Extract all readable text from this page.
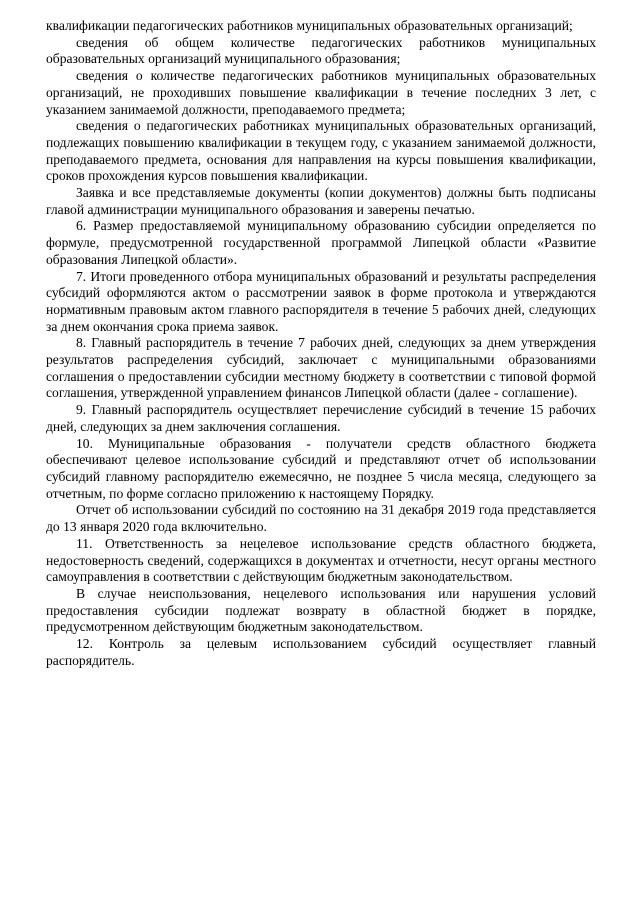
квалификации педагогических работников муниципальных образовательных организаций;

сведения об общем количестве педагогических работников муниципальных образовательных организаций муниципального образования;

сведения о количестве педагогических работников муниципальных образовательных организаций, не проходивших повышение квалификации в течение последних 3 лет, с указанием занимаемой должности, преподаваемого предмета;

сведения о педагогических работниках муниципальных образовательных организаций, подлежащих повышению квалификации в текущем году, с указанием занимаемой должности, преподаваемого предмета, основания для направления на курсы повышения квалификации, сроков прохождения курсов повышения квалификации.

Заявка и все представляемые документы (копии документов) должны быть подписаны главой администрации муниципального образования и заверены печатью.

6. Размер предоставляемой муниципальному образованию субсидии определяется по формуле, предусмотренной государственной программой Липецкой области «Развитие образования Липецкой области».

7. Итоги проведенного отбора муниципальных образований и результаты распределения субсидий оформляются актом о рассмотрении заявок в форме протокола и утверждаются нормативным правовым актом главного распорядителя в течение 5 рабочих дней, следующих за днем окончания срока приема заявок.

8. Главный распорядитель в течение 7 рабочих дней, следующих за днем утверждения результатов распределения субсидий, заключает с муниципальными образованиями соглашения о предоставлении субсидии местному бюджету в соответствии с типовой формой соглашения, утвержденной управлением финансов Липецкой области (далее - соглашение).

9. Главный распорядитель осуществляет перечисление субсидий в течение 15 рабочих дней, следующих за днем заключения соглашения.

10. Муниципальные образования - получатели средств областного бюджета обеспечивают целевое использование субсидий и представляют отчет об использовании субсидий главному распорядителю ежемесячно, не позднее 5 числа месяца, следующего за отчетным, по форме согласно приложению к настоящему Порядку.

Отчет об использовании субсидий по состоянию на 31 декабря 2019 года представляется до 13 января 2020 года включительно.

11. Ответственность за нецелевое использование средств областного бюджета, недостоверность сведений, содержащихся в документах и отчетности, несут органы местного самоуправления в соответствии с действующим бюджетным законодательством.

В случае неиспользования, нецелевого использования или нарушения условий предоставления субсидии подлежат возврату в областной бюджет в порядке, предусмотренном действующим бюджетным законодательством.

12. Контроль за целевым использованием субсидий осуществляет главный распорядитель.
